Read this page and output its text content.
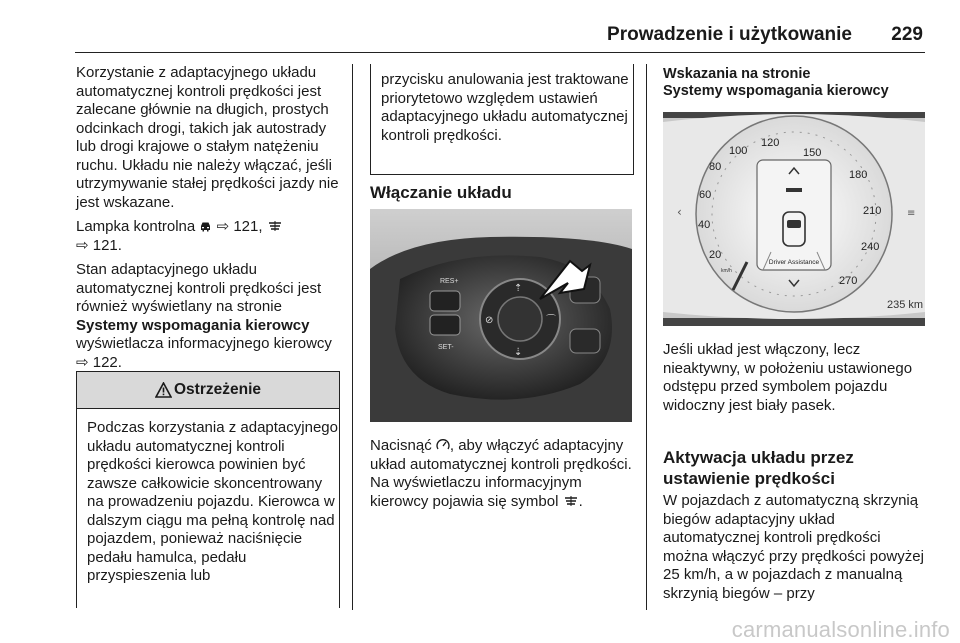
Prowadzenie i użytkowanie 229

Korzystanie z adaptacyjnego układu automatycznej kontroli prędkości jest zalecane głównie na długich, prostych odcinkach drogi, takich jak autostrady lub drogi krajowe o stałym natężeniu ruchu. Układu nie należy włączać, jeśli utrzymywanie stałej prędkości jazdy nie jest wskazane.

Lampka kontrolna ⇨ 121,
⇨ 121.

Stan adaptacyjnego układu automatycznej kontroli prędkości jest również wyświetlany na stronie Systemy wspomagania kierowcy wyświetlacza informacyjnego kierowcy ⇨ 122.

Ostrzeżenie
Podczas korzystania z adaptacyjnego układu automatycznej kontroli prędkości kierowca powinien być zawsze całkowicie skoncentrowany na prowadzeniu pojazdu. Kierowca w dalszym ciągu ma pełną kontrolę nad pojazdem, ponieważ naciśnięcie pedału hamulca, pedału przyspieszenia lub
przycisku anulowania jest traktowane priorytetowo względem ustawień adaptacyjnego układu automatycznej kontroli prędkości.
Włączanie układu
RES+
SET-
⊘	⌒
⇡
⇣
Nacisnąć , aby włączyć adaptacyjny układ automatycznej kontroli prędkości. Na wyświetlaczu informacyjnym kierowcy pojawia się symbol .
Wskazania na stronie
Systemy wspomagania kierowcy
Driver Assistance
20
40
60
80
100
120
150
180
210
240
270
km/h
‹	≡
235 km
Jeśli układ jest włączony, lecz nieaktywny, w położeniu ustawionego odstępu przed symbolem pojazdu widoczny jest biały pasek.
Aktywacja układu przez ustawienie prędkości
W pojazdach z automatyczną skrzynią biegów adaptacyjny układ automatycznej kontroli prędkości można włączyć przy prędkości powyżej 25 km/h, a w pojazdach z manualną skrzynią biegów – przy
carmanualsonline.info
